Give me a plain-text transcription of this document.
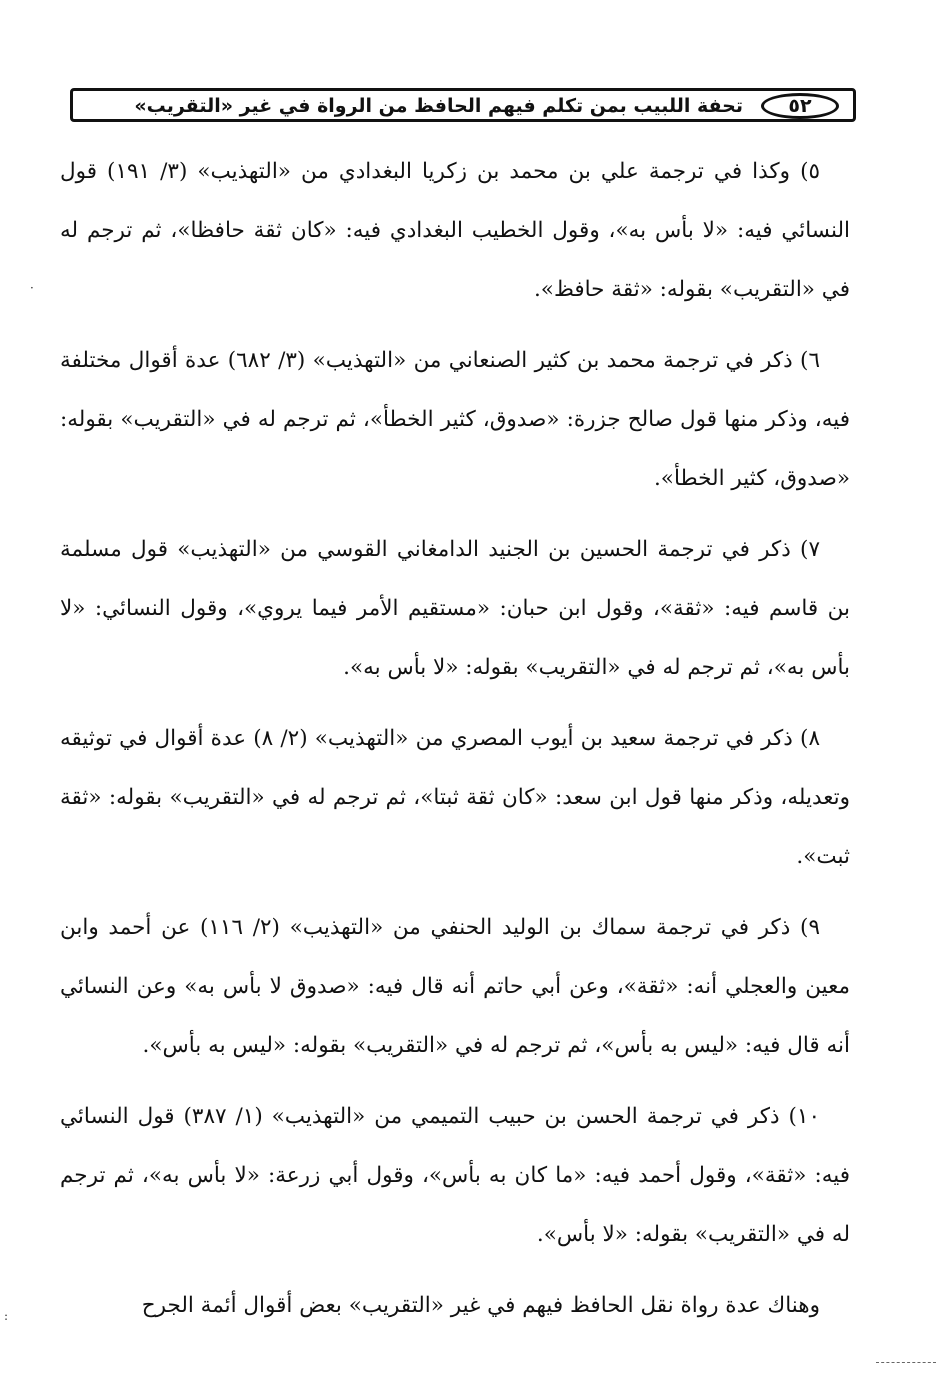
٥٢
تحفة اللبيب بمن تكلم فيهم الحافظ من الرواة في غير «التقريب»

٥) وكذا في ترجمة علي بن محمد بن زكريا البغدادي من «التهذيب» (٣/ ١٩١) قول النسائي فيه: «لا بأس به»، وقول الخطيب البغدادي فيه: «كان ثقة حافظا»، ثم ترجم له في «التقريب» بقوله: «ثقة حافظ».

٦) ذكر في ترجمة محمد بن كثير الصنعاني من «التهذيب» (٣/ ٦٨٢) عدة أقوال مختلفة فيه، وذكر منها قول صالح جزرة: «صدوق، كثير الخطأ»، ثم ترجم له في «التقريب» بقوله: «صدوق، كثير الخطأ».

٧) ذكر في ترجمة الحسين بن الجنيد الدامغاني القوسي من «التهذيب» قول مسلمة بن قاسم فيه: «ثقة»، وقول ابن حبان: «مستقيم الأمر فيما يروي»، وقول النسائي: «لا بأس به»، ثم ترجم له في «التقريب» بقوله: «لا بأس به».

٨) ذكر في ترجمة سعيد بن أيوب المصري من «التهذيب» (٢/ ٨) عدة أقوال في توثيقه وتعديله، وذكر منها قول ابن سعد: «كان ثقة ثبتا»، ثم ترجم له في «التقريب» بقوله: «ثقة ثبت».

٩) ذكر في ترجمة سماك بن الوليد الحنفي من «التهذيب» (٢/ ١١٦) عن أحمد وابن معين والعجلي أنه: «ثقة»، وعن أبي حاتم أنه قال فيه: «صدوق لا بأس به» وعن النسائي أنه قال فيه: «ليس به بأس»، ثم ترجم له في «التقريب» بقوله: «ليس به بأس».

١٠) ذكر في ترجمة الحسن بن حبيب التميمي من «التهذيب» (١/ ٣٨٧) قول النسائي فيه: «ثقة»، وقول أحمد فيه: «ما كان به بأس»، وقول أبي زرعة: «لا بأس به»، ثم ترجم له في «التقريب» بقوله: «لا بأس».

وهناك عدة رواة نقل الحافظ فيهم في غير «التقريب» بعض أقوال أئمة الجرح

·
:
